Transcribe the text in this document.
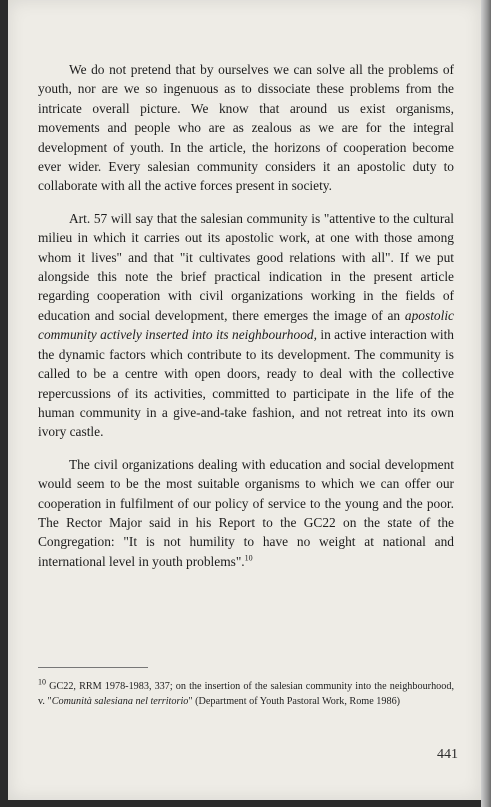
We do not pretend that by ourselves we can solve all the problems of youth, nor are we so ingenuous as to dissociate these problems from the intricate overall picture. We know that around us exist organisms, movements and people who are as zealous as we are for the integral development of youth. In the article, the horizons of cooperation become ever wider. Every salesian community considers it an apostolic duty to collaborate with all the active forces present in society.

Art. 57 will say that the salesian community is "attentive to the cultural milieu in which it carries out its apostolic work, at one with those among whom it lives" and that "it cultivates good relations with all". If we put alongside this note the brief practical indication in the present article regarding cooperation with civil organizations working in the fields of education and social development, there emerges the image of an apostolic community actively inserted into its neighbourhood, in active interaction with the dynamic factors which contribute to its development. The community is called to be a centre with open doors, ready to deal with the collective repercussions of its activities, committed to participate in the life of the human community in a give-and-take fashion, and not retreat into its own ivory castle.

The civil organizations dealing with education and social development would seem to be the most suitable organisms to which we can offer our cooperation in fulfilment of our policy of service to the young and the poor. The Rector Major said in his Report to the GC22 on the state of the Congregation: "It is not humility to have no weight at national and international level in youth problems".$^{10}$

$^{10}$ GC22, RRM 1978-1983, 337; on the insertion of the salesian community into the neighbourhood, v. "Comunità salesiana nel territorio" (Department of Youth Pastoral Work, Rome 1986)
441
